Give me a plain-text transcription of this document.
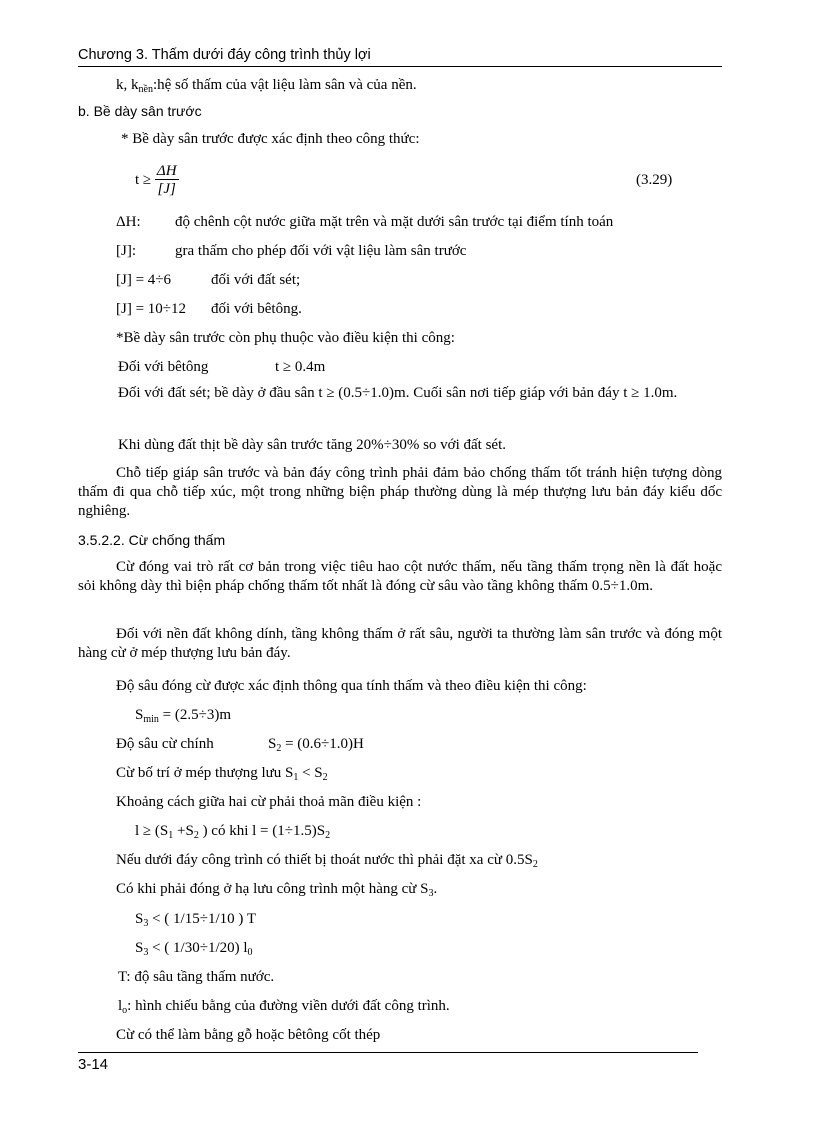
Chương 3. Thấm dưới đáy công trình thủy lợi
k, $k_{nền}:hệ$ số thấm của vật liệu làm sân và của nền.
b. Bề dày sân trước
* Bề dày sân trước được xác định theo công thức:
$t \ge \frac{\Delta H}{[J]}$	(3.29)
ΔH: độ chênh cột nước giữa mặt trên và mặt dưới sân trước tại điểm tính toán
[J]:	gra thấm cho phép đối với vật liệu làm sân trước
[J] = 4÷6	đối với đất sét;
[J] = 10÷12 đối với bêtông.
*Bề dày sân trước còn phụ thuộc vào điều kiện thi công:
Đối với bêtông	t ≥ 0.4m
Đối với đất sét; bề dày ở đầu sân t ≥ (0.5÷1.0)m. Cuối sân nơi tiếp giáp với bản đáy t ≥ 1.0m.
Khi dùng đất thịt bề dày sân trước tăng 20%÷30% so với đất sét.
Chỗ tiếp giáp sân trước và bản đáy công trình phải đảm bảo chống thấm tốt tránh hiện tượng dòng thấm đi qua chỗ tiếp xúc, một trong những biện pháp thường dùng là mép thượng lưu bản đáy kiểu dốc nghiêng.
3.5.2.2. Cừ chống thấm
Cừ đóng vai trò rất cơ bản trong việc tiêu hao cột nước thấm, nếu tầng thấm trọng nền là đất hoặc sỏi không dày thì biện pháp chống thấm tốt nhất là đóng cừ sâu vào tầng không thấm 0.5÷1.0m.
Đối với nền đất không dính, tầng không thấm ở rất sâu, người ta thường làm sân trước và đóng một hàng cừ ở mép thượng lưu bản đáy.
Độ sâu đóng cừ được xác định thông qua tính thấm và theo điều kiện thi công:
$S_{min} = (2.5\div 3)m$
Độ sâu cừ chính	$S_2 = (0.6\div 1.0)H$
Cừ bố trí ở mép thượng lưu $S_1 < S_2$
Khoảng cách giữa hai cừ phải thoả mãn điều kiện :
$l \ge (S_1 +S_2$ ) có khi $l = (1\div 1.5)S_2$
Nếu dưới đáy công trình có thiết bị thoát nước thì phải đặt xa cừ $0.5S_2$
Có khi phải đóng ở hạ lưu công trình một hàng cừ $S_3$.
$S_3$ < ( 1/15÷1/10 ) T
$S_3$ < ( 1/30÷1/20) $l_0$
T: độ sâu tầng thấm nước.
$l_o$: hình chiếu bằng của đường viền dưới đất công trình.
Cừ có thể làm bằng gỗ hoặc bêtông cốt thép
3-14
